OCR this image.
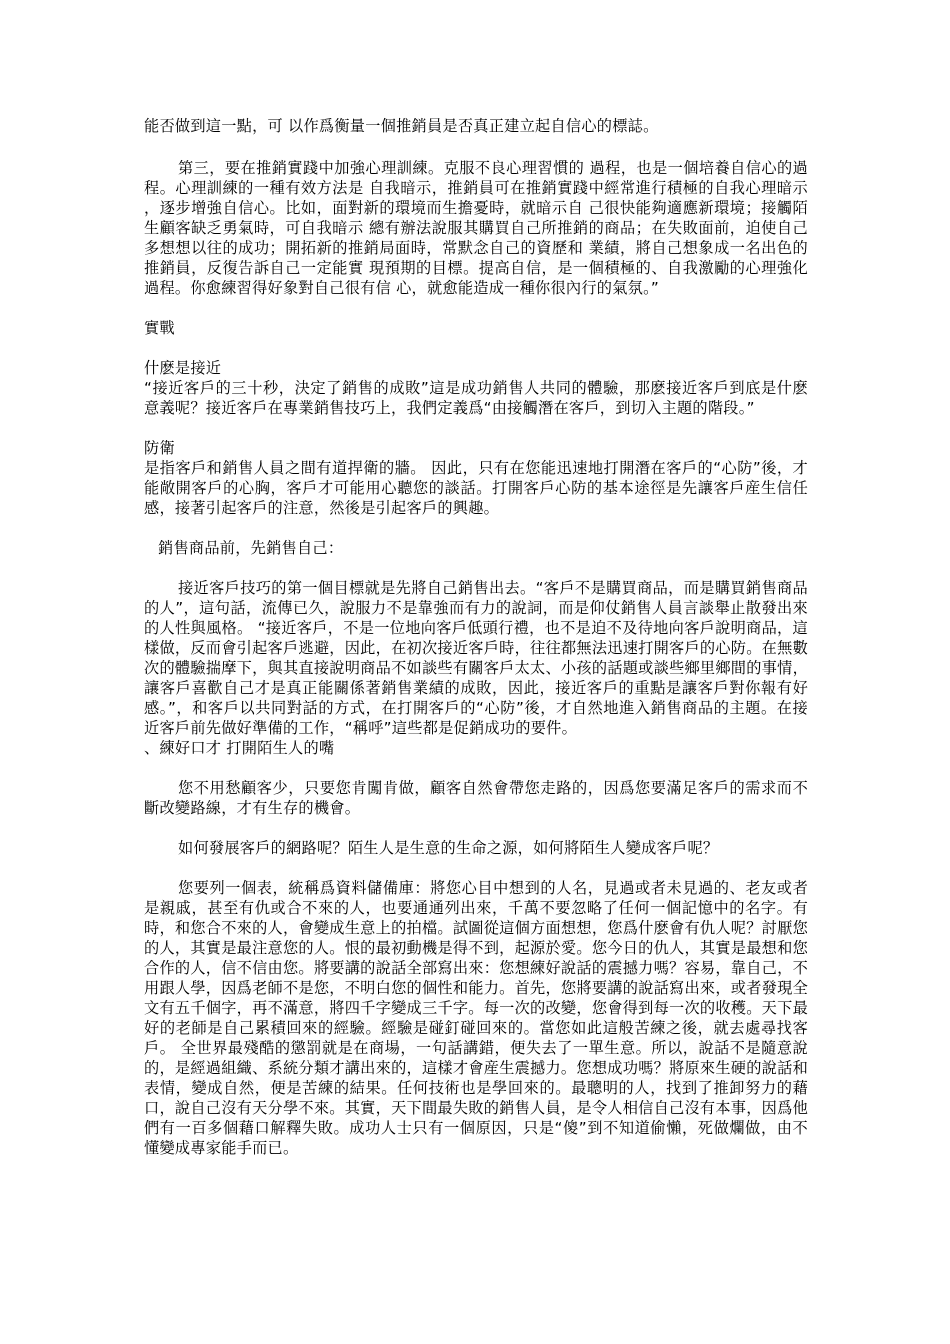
能否做到這一點，可 以作爲衡量一個推銷員是否真正建立起自信心的標誌。

第三，要在推銷實踐中加強心理訓練。克服不良心理習慣的 過程，也是一個培養自信心的過程。心理訓練的一種有效方法是 自我暗示，推銷員可在推銷實踐中經常進行積極的自我心理暗示 ，逐步增強自信心。比如，面對新的環境而生擔憂時，就暗示自 己很快能夠適應新環境；接觸陌生顧客缺乏勇氣時，可自我暗示 總有辦法說服其購買自己所推銷的商品；在失敗面前，迫使自己 多想想以往的成功；開拓新的推銷局面時，常默念自己的資歷和 業績，將自己想象成一名出色的推銷員，反復告訴自己一定能實 現預期的目標。提高自信，是一個積極的、自我激勵的心理強化 過程。你愈練習得好象對自己很有信 心，就愈能造成一種你很內行的氣氛。”

實戰

什麽是接近

“接近客戶的三十秒，決定了銷售的成敗”這是成功銷售人共同的體驗，那麽接近客戶到底是什麽意義呢？接近客戶在專業銷售技巧上，我們定義爲“由接觸潛在客戶，到切入主題的階段。”

防衛

是指客戶和銷售人員之間有道捍衛的牆。 因此，只有在您能迅速地打開潛在客戶的“心防”後，才能敞開客戶的心胸，客戶才可能用心聽您的談話。打開客戶心防的基本途徑是先讓客戶産生信任感，接著引起客戶的注意，然後是引起客戶的興趣。

銷售商品前，先銷售自己：

接近客戶技巧的第一個目標就是先將自己銷售出去。“客戶不是購買商品，而是購買銷售商品的人”，這句話，流傳已久，說服力不是靠強而有力的說詞，而是仰仗銷售人員言談舉止散發出來的人性與風格。 “接近客戶，不是一位地向客戶低頭行禮，也不是迫不及待地向客戶說明商品，這樣做，反而會引起客戶逃避，因此，在初次接近客戶時，往往都無法迅速打開客戶的心防。在無數次的體驗揣摩下，與其直接說明商品不如談些有關客戶太太、小孩的話題或談些鄉里鄉間的事情，讓客戶喜歡自己才是真正能關係著銷售業績的成敗，因此，接近客戶的重點是讓客戶對你報有好感。”，和客戶以共同對話的方式，在打開客戶的“心防”後，才自然地進入銷售商品的主題。在接近客戶前先做好準備的工作，“稱呼”這些都是促銷成功的要件。

、練好口才 打開陌生人的嘴

您不用愁顧客少，只要您肯闖肯做，顧客自然會帶您走路的，因爲您要滿足客戶的需求而不斷改變路線，才有生存的機會。

如何發展客戶的網路呢？陌生人是生意的生命之源，如何將陌生人變成客戶呢？

您要列一個表，統稱爲資料儲備庫：將您心目中想到的人名，見過或者未見過的、老友或者是親戚，甚至有仇或合不來的人，也要通通列出來，千萬不要忽略了任何一個記憶中的名字。有時，和您合不來的人，會變成生意上的拍檔。試圖從這個方面想想，您爲什麽會有仇人呢？討厭您的人，其實是最注意您的人。恨的最初動機是得不到，起源於愛。您今日的仇人，其實是最想和您合作的人，信不信由您。將要講的說話全部寫出來：您想練好說話的震撼力嗎？容易，靠自己，不用跟人學，因爲老師不是您，不明白您的個性和能力。首先，您將要講的說話寫出來，或者發現全文有五千個字，再不滿意，將四千字變成三千字。每一次的改變，您會得到每一次的收穫。天下最好的老師是自己累積回來的經驗。經驗是碰釘碰回來的。當您如此這般苦練之後，就去處尋找客戶。 全世界最殘酷的懲罰就是在商場，一句話講錯，便失去了一單生意。所以，說話不是隨意說的，是經過組織、系統分類才講出來的，這樣才會産生震撼力。您想成功嗎？將原來生硬的說話和表情，變成自然，便是苦練的結果。任何技術也是學回來的。最聰明的人，找到了推卸努力的藉口，說自己沒有天分學不來。其實，天下間最失敗的銷售人員，是令人相信自己沒有本事，因爲他們有一百多個藉口解釋失敗。成功人士只有一個原因，只是“傻”到不知道偷懶，死做爛做，由不懂變成專家能手而已。
